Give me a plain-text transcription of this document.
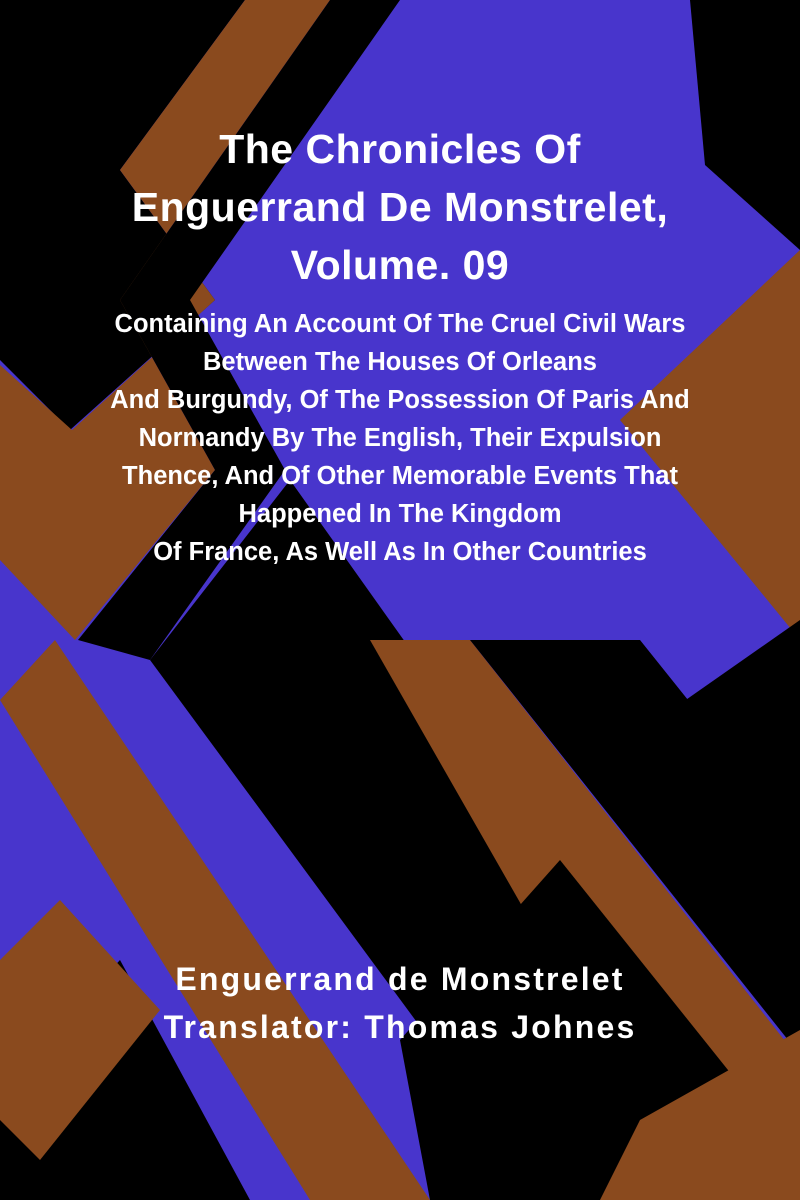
The Chronicles Of
Enguerrand De Monstrelet,
Volume. 09
Containing An Account Of The Cruel Civil Wars
Between The Houses Of Orleans
And Burgundy, Of The Possession Of Paris And
Normandy By The English, Their Expulsion
Thence, And Of Other Memorable Events That
Happened In The Kingdom
Of France, As Well As In Other Countries
Enguerrand de Monstrelet
Translator: Thomas Johnes
